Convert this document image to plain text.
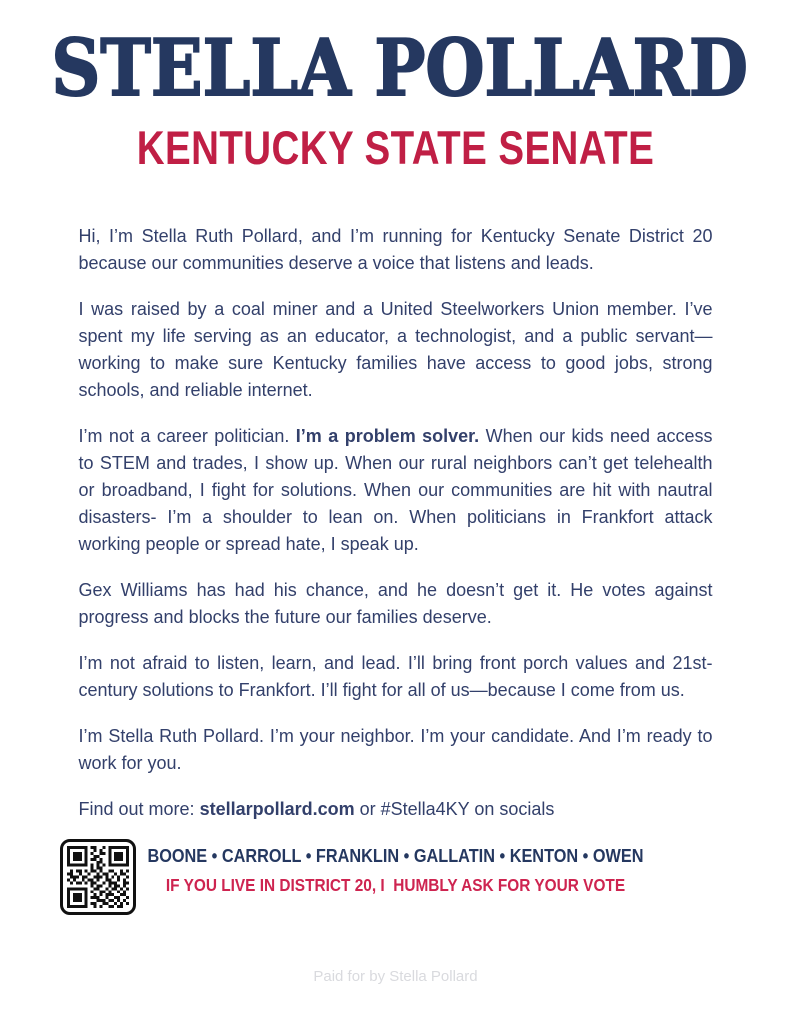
STELLA POLLARD
KENTUCKY STATE SENATE

Hi, I’m Stella Ruth Pollard, and I’m running for Kentucky Senate District 20 because our communities deserve a voice that listens and leads.

I was raised by a coal miner and a United Steelworkers Union member. I’ve spent my life serving as an educator, a technologist, and a public servant—working to make sure Kentucky families have access to good jobs, strong schools, and reliable internet.

I’m not a career politician. I’m a problem solver. When our kids need access to STEM and trades, I show up. When our rural neighbors can’t get telehealth or broadband, I fight for solutions. When our communities are hit with nautral disasters- I’m a shoulder to lean on. When politicians in Frankfort attack working people or spread hate, I speak up.

Gex Williams has had his chance, and he doesn’t get it. He votes against progress and blocks the future our families deserve.

I’m not afraid to listen, learn, and lead. I’ll bring front porch values and 21st-century solutions to Frankfort. I’ll fight for all of us—because I come from us.

I’m Stella Ruth Pollard. I’m your neighbor. I’m your candidate. And I’m ready to work for you.

Find out more: stellarpollard.com or #Stella4KY on socials

BOONE • CARROLL • FRANKLIN • GALLATIN • KENTON • OWEN
IF YOU LIVE IN DISTRICT 20, I  HUMBLY ASK FOR YOUR VOTE
Paid for by Stella Pollard
